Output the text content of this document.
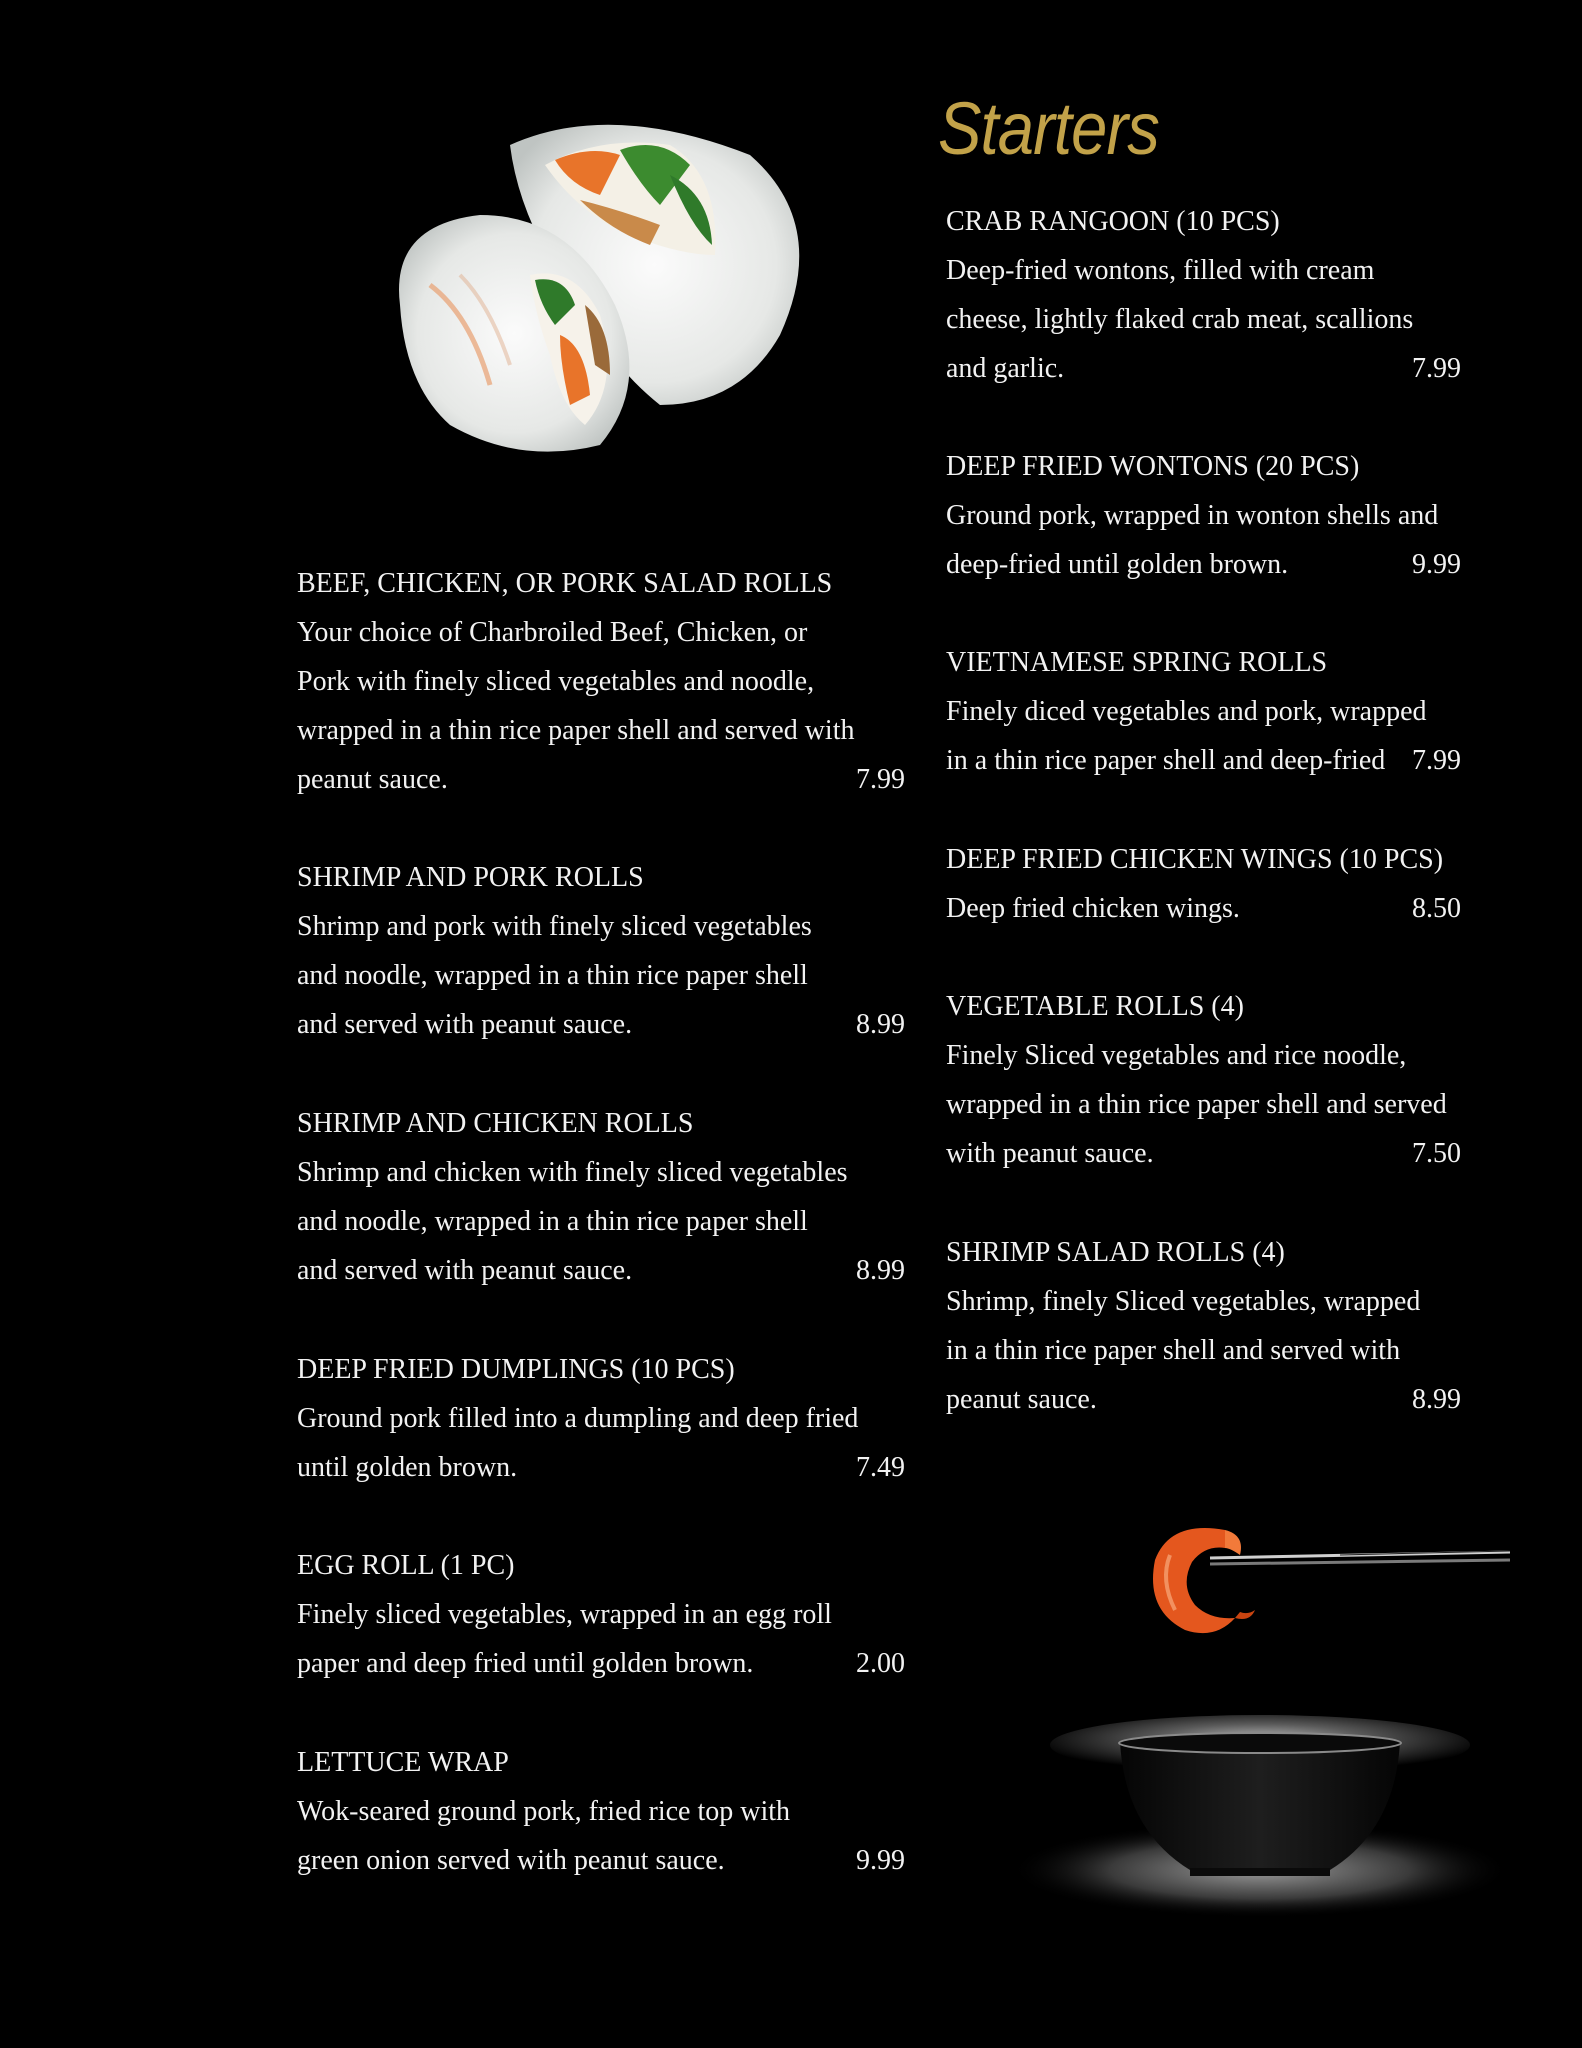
Starters
BEEF, CHICKEN, OR PORK SALAD ROLLS
Your choice of Charbroiled Beef, Chicken, or
Pork with finely sliced vegetables and noodle,
wrapped in a thin rice paper shell and served with
peanut sauce.	7.99
SHRIMP AND PORK ROLLS
Shrimp and pork with finely sliced vegetables
and noodle, wrapped in a thin rice paper shell
and served with peanut sauce.	8.99
SHRIMP AND CHICKEN ROLLS
Shrimp and chicken with finely sliced vegetables
and noodle, wrapped in a thin rice paper shell
and served with peanut sauce.	8.99
DEEP FRIED DUMPLINGS (10 PCS)
Ground pork filled into a dumpling and deep fried
until golden brown.	7.49
EGG ROLL (1 PC)
Finely sliced vegetables, wrapped in an egg roll
paper and deep fried until golden brown.	2.00
LETTUCE WRAP
Wok-seared ground pork, fried rice top with
green onion served with peanut sauce.	9.99
CRAB RANGOON (10 PCS)
Deep-fried wontons, filled with cream
cheese, lightly flaked crab meat, scallions
and garlic.	7.99
DEEP FRIED WONTONS (20 PCS)
Ground pork, wrapped in wonton shells and
deep-fried until golden brown.	9.99
VIETNAMESE SPRING ROLLS
Finely diced vegetables and pork, wrapped
in a thin rice paper shell and deep-fried 7.99
DEEP FRIED CHICKEN WINGS (10 PCS)
Deep fried chicken wings.	8.50
VEGETABLE ROLLS (4)
Finely Sliced vegetables and rice noodle,
wrapped in a thin rice paper shell and served
with peanut sauce.	7.50
SHRIMP SALAD ROLLS (4)
Shrimp, finely Sliced vegetables, wrapped
in a thin rice paper shell and served with
peanut sauce.	8.99
